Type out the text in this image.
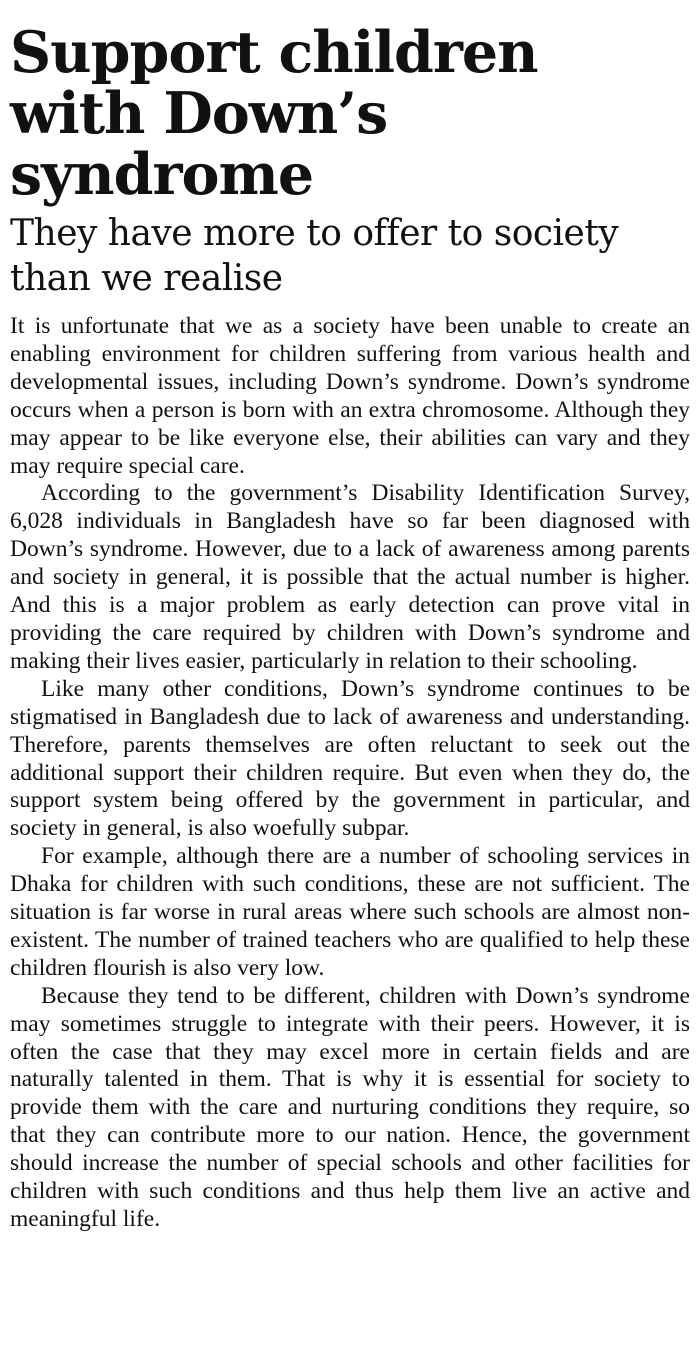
Support children with Down’s syndrome
They have more to offer to society than we realise

It is unfortunate that we as a society have been unable to create an enabling environment for children suffering from various health and developmental issues, including Down’s syndrome. Down’s syndrome occurs when a person is born with an extra chromosome. Although they may appear to be like everyone else, their abilities can vary and they may require special care.

According to the government’s Disability Identification Survey, 6,028 individuals in Bangladesh have so far been diagnosed with Down’s syndrome. However, due to a lack of awareness among parents and society in general, it is possible that the actual number is higher. And this is a major problem as early detection can prove vital in providing the care required by children with Down’s syndrome and making their lives easier, particularly in relation to their schooling.

Like many other conditions, Down’s syndrome continues to be stigmatised in Bangladesh due to lack of awareness and understanding. Therefore, parents themselves are often reluctant to seek out the additional support their children require. But even when they do, the support system being offered by the government in particular, and society in general, is also woefully subpar.

For example, although there are a number of schooling services in Dhaka for children with such conditions, these are not sufficient. The situation is far worse in rural areas where such schools are almost non-existent. The number of trained teachers who are qualified to help these children flourish is also very low.

Because they tend to be different, children with Down’s syndrome may sometimes struggle to integrate with their peers. However, it is often the case that they may excel more in certain fields and are naturally talented in them. That is why it is essential for society to provide them with the care and nurturing conditions they require, so that they can contribute more to our nation. Hence, the government should increase the number of special schools and other facilities for children with such conditions and thus help them live an active and meaningful life.
